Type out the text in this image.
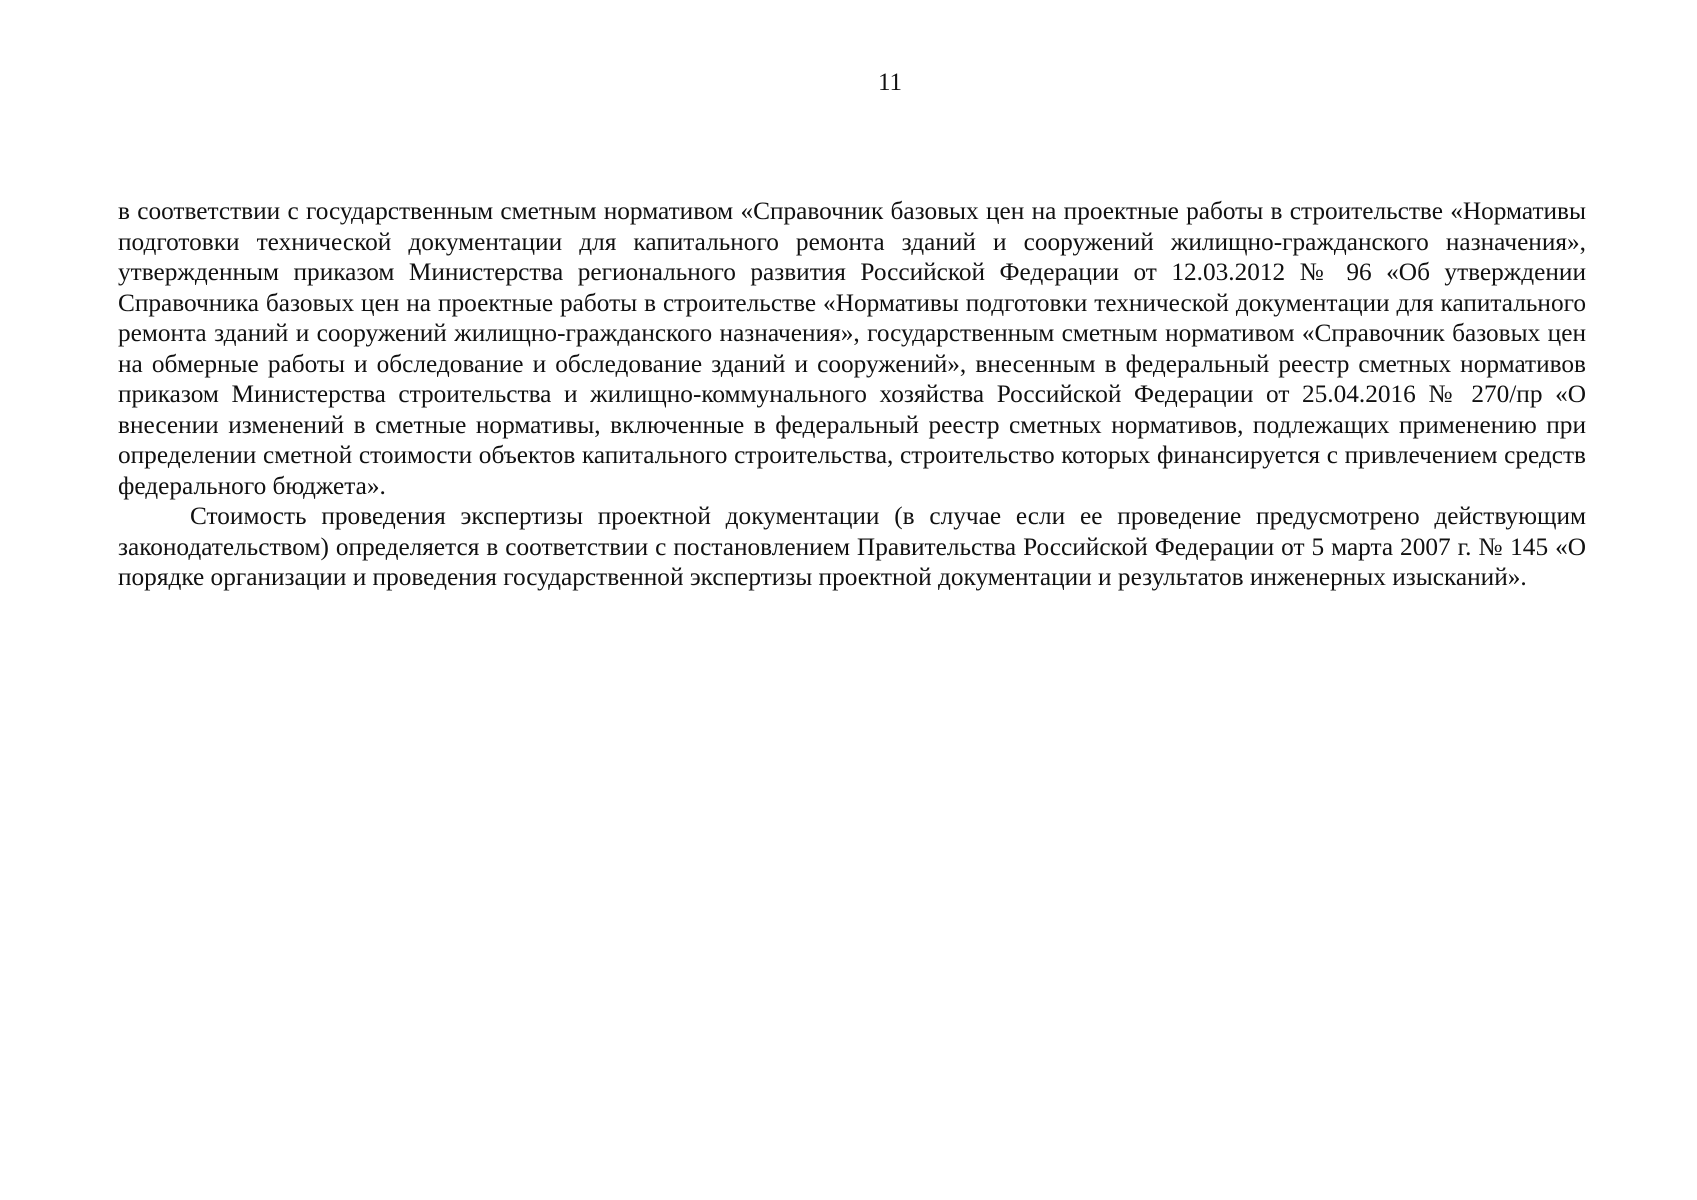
11

в соответствии с государственным сметным нормативом «Справочник базовых цен на проектные работы в строительстве «Нормативы подготовки технической документации для капитального ремонта зданий и сооружений жилищно-гражданского назначения», утвержденным приказом Министерства регионального развития Российской Федерации от 12.03.2012 № 96 «Об утверждении Справочника базовых цен на проектные работы в строительстве «Нормативы подготовки технической документации для капитального ремонта зданий и сооружений жилищно-гражданского назначения», государственным сметным нормативом «Справочник базовых цен на обмерные работы и обследование и обследование зданий и сооружений», внесенным в федеральный реестр сметных нормативов приказом Министерства строительства и жилищно-коммунального хозяйства Российской Федерации от 25.04.2016 № 270/пр «О внесении изменений в сметные нормативы, включенные в федеральный реестр сметных нормативов, подлежащих применению при определении сметной стоимости объектов капитального строительства, строительство которых финансируется с привлечением средств федерального бюджета».

Стоимость проведения экспертизы проектной документации (в случае если ее проведение предусмотрено действующим законодательством) определяется в соответствии с постановлением Правительства Российской Федерации от 5 марта 2007 г. № 145 «О порядке организации и проведения государственной экспертизы проектной документации и результатов инженерных изысканий».
